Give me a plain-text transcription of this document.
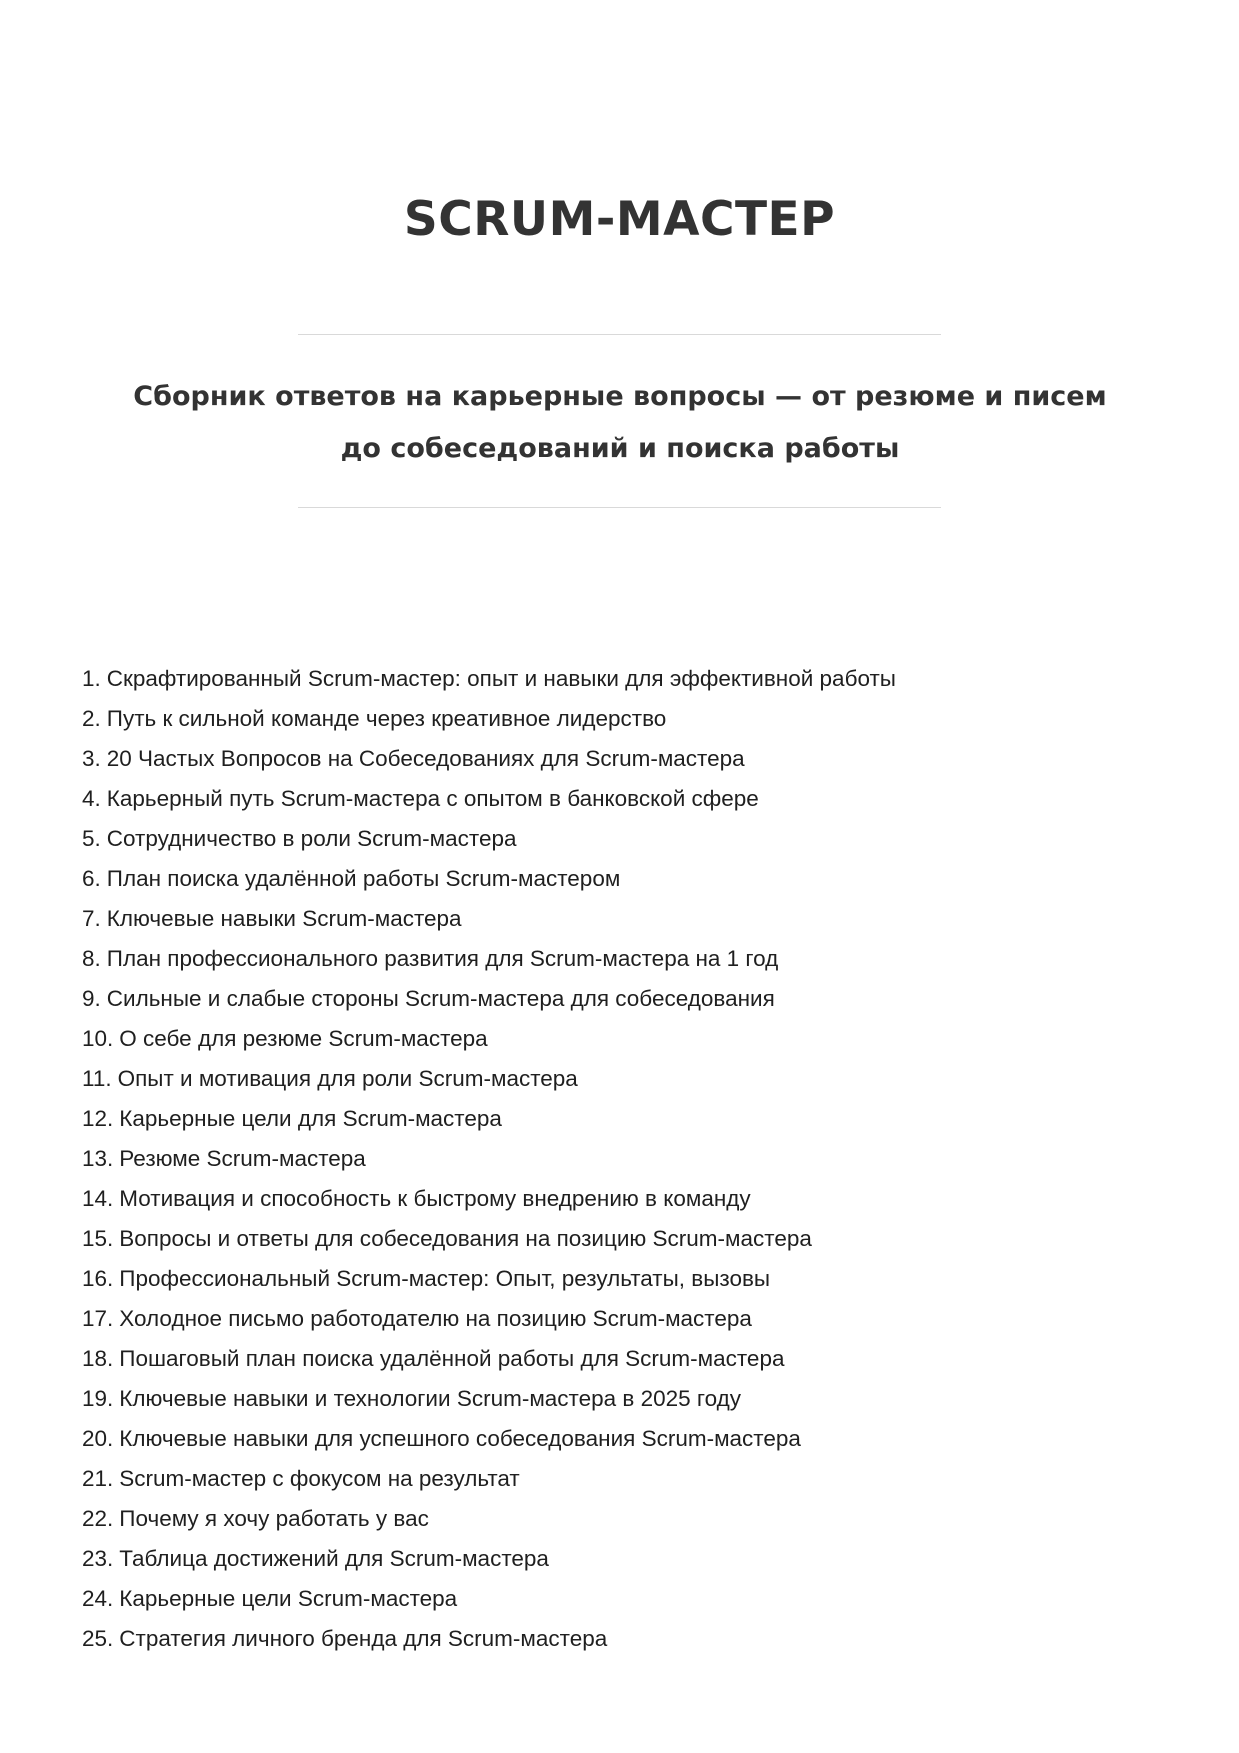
SCRUM-МАСТЕР
Сборник ответов на карьерные вопросы — от резюме и писем до собеседований и поиска работы
1. Скрафтированный Scrum-мастер: опыт и навыки для эффективной работы
2. Путь к сильной команде через креативное лидерство
3. 20 Частых Вопросов на Собеседованиях для Scrum-мастера
4. Карьерный путь Scrum-мастера с опытом в банковской сфере
5. Сотрудничество в роли Scrum-мастера
6. План поиска удалённой работы Scrum-мастером
7. Ключевые навыки Scrum-мастера
8. План профессионального развития для Scrum-мастера на 1 год
9. Сильные и слабые стороны Scrum-мастера для собеседования
10. О себе для резюме Scrum-мастера
11. Опыт и мотивация для роли Scrum-мастера
12. Карьерные цели для Scrum-мастера
13. Резюме Scrum-мастера
14. Мотивация и способность к быстрому внедрению в команду
15. Вопросы и ответы для собеседования на позицию Scrum-мастера
16. Профессиональный Scrum-мастер: Опыт, результаты, вызовы
17. Холодное письмо работодателю на позицию Scrum-мастера
18. Пошаговый план поиска удалённой работы для Scrum-мастера
19. Ключевые навыки и технологии Scrum-мастера в 2025 году
20. Ключевые навыки для успешного собеседования Scrum-мастера
21. Scrum-мастер с фокусом на результат
22. Почему я хочу работать у вас
23. Таблица достижений для Scrum-мастера
24. Карьерные цели Scrum-мастера
25. Стратегия личного бренда для Scrum-мастера
